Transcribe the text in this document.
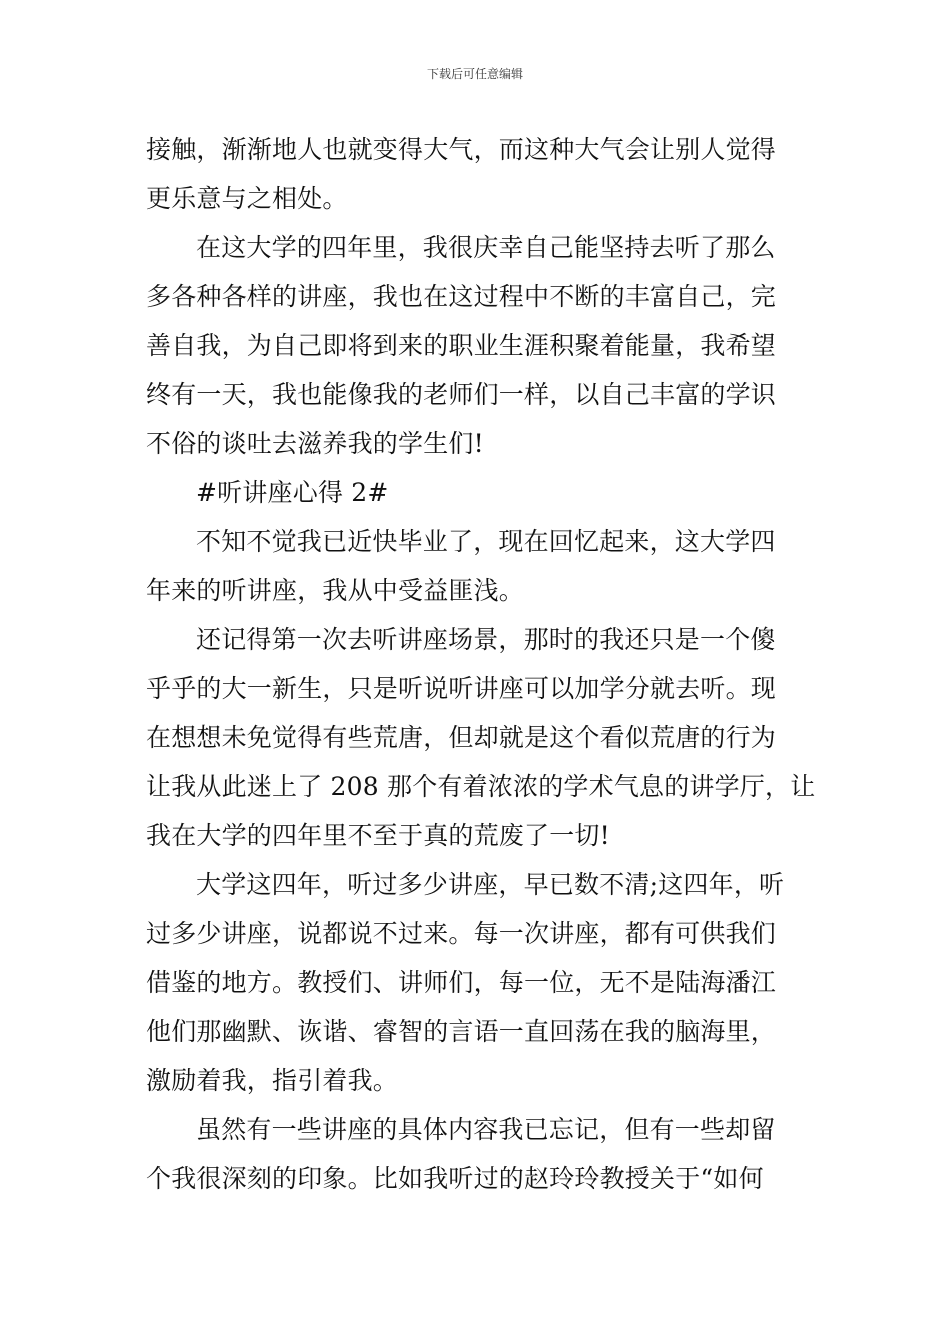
下载后可任意编辑
接触，渐渐地人也就变得大气，而这种大气会让别人觉得
更乐意与之相处。
在这大学的四年里，我很庆幸自己能坚持去听了那么
多各种各样的讲座，我也在这过程中不断的丰富自己，完
善自我，为自己即将到来的职业生涯积聚着能量，我希望
终有一天，我也能像我的老师们一样，以自己丰富的学识
不俗的谈吐去滋养我的学生们!
#听讲座心得 2#
不知不觉我已近快毕业了，现在回忆起来，这大学四
年来的听讲座，我从中受益匪浅。
还记得第一次去听讲座场景，那时的我还只是一个傻
乎乎的大一新生，只是听说听讲座可以加学分就去听。现
在想想未免觉得有些荒唐，但却就是这个看似荒唐的行为
让我从此迷上了 208 那个有着浓浓的学术气息的讲学厅，让
我在大学的四年里不至于真的荒废了一切!
大学这四年，听过多少讲座，早已数不清;这四年，听
过多少讲座，说都说不过来。每一次讲座，都有可供我们
借鉴的地方。教授们、讲师们，每一位，无不是陆海潘江
他们那幽默、诙谐、睿智的言语一直回荡在我的脑海里，
激励着我，指引着我。
虽然有一些讲座的具体内容我已忘记，但有一些却留
个我很深刻的印象。比如我听过的赵玲玲教授关于“如何
